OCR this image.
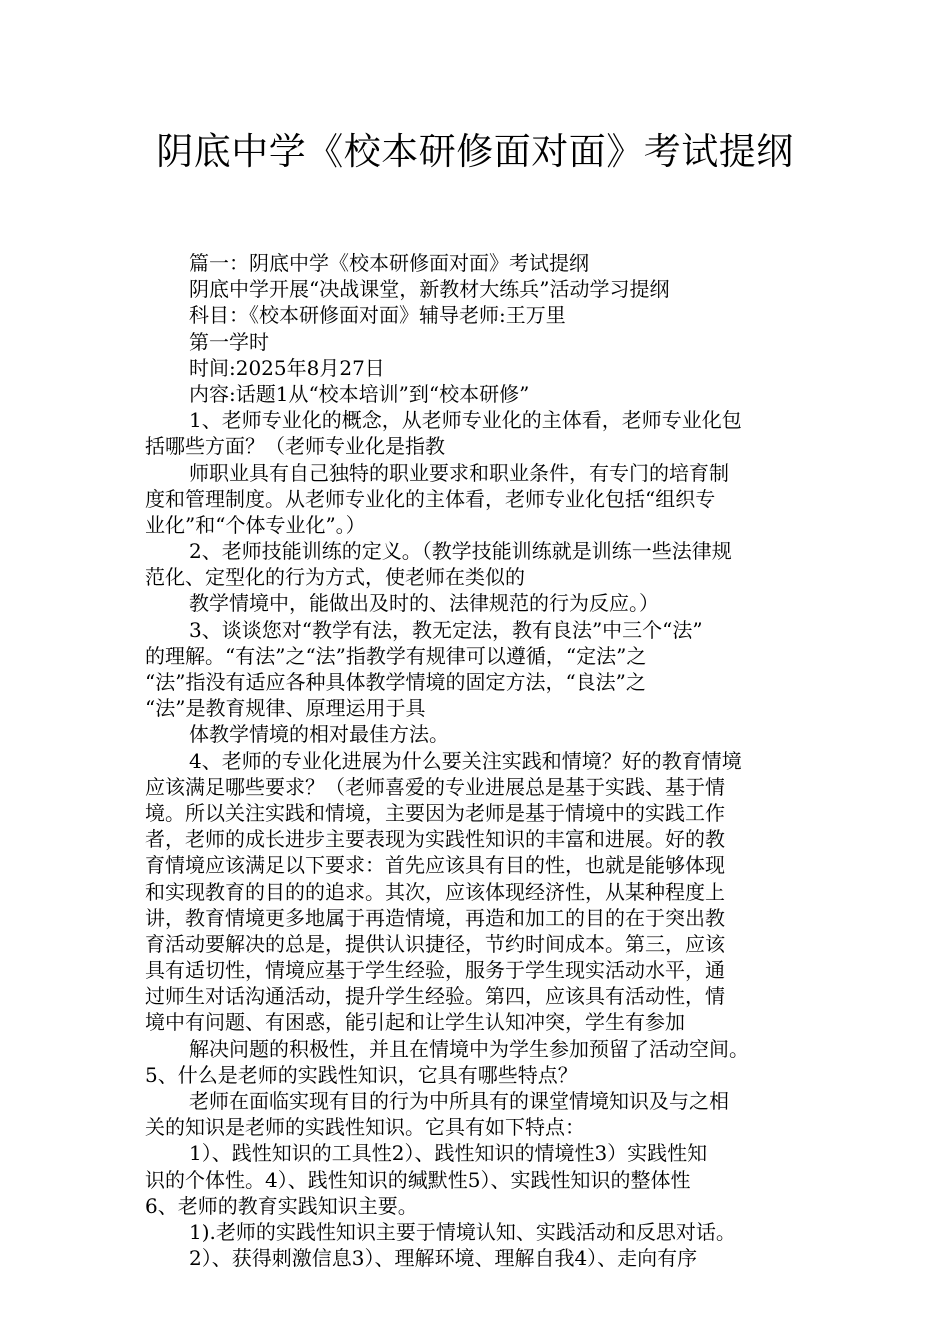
阴底中学《校本研修面对面》考试提纲
篇一：阴底中学《校本研修面对面》考试提纲
阴底中学开展“决战课堂，新教材大练兵”活动学习提纲
科目：《校本研修面对面》辅导老师:王万里
第一学时
时间:2025年8月27日
内容:话题1从“校本培训”到“校本研修”
1、老师专业化的概念，从老师专业化的主体看，老师专业化包
括哪些方面？（老师专业化是指教
师职业具有自己独特的职业要求和职业条件，有专门的培育制
度和管理制度。从老师专业化的主体看，老师专业化包括“组织专
业化”和“个体专业化”。）
2、老师技能训练的定义。（教学技能训练就是训练一些法律规
范化、定型化的行为方式，使老师在类似的
教学情境中，能做出及时的、法律规范的行为反应。）
3、谈谈您对“教学有法，教无定法，教有良法”中三个“法”
的理解。“有法”之“法”指教学有规律可以遵循，“定法”之
“法”指没有适应各种具体教学情境的固定方法，“良法”之
“法”是教育规律、原理运用于具
体教学情境的相对最佳方法。
4、老师的专业化进展为什么要关注实践和情境？好的教育情境
应该满足哪些要求？（老师喜爱的专业进展总是基于实践、基于情
境。所以关注实践和情境，主要因为老师是基于情境中的实践工作
者，老师的成长进步主要表现为实践性知识的丰富和进展。好的教
育情境应该满足以下要求：首先应该具有目的性，也就是能够体现
和实现教育的目的的追求。其次，应该体现经济性，从某种程度上
讲，教育情境更多地属于再造情境，再造和加工的目的在于突出教
育活动要解决的总是，提供认识捷径，节约时间成本。第三，应该
具有适切性，情境应基于学生经验，服务于学生现实活动水平，通
过师生对话沟通活动，提升学生经验。第四，应该具有活动性，情
境中有问题、有困惑，能引起和让学生认知冲突，学生有参加
解决问题的积极性，并且在情境中为学生参加预留了活动空间。
5、什么是老师的实践性知识，它具有哪些特点？
老师在面临实现有目的行为中所具有的课堂情境知识及与之相
关的知识是老师的实践性知识。它具有如下特点：
1）、践性知识的工具性2）、践性知识的情境性3）实践性知
识的个体性。4）、践性知识的缄默性5）、实践性知识的整体性
6、老师的教育实践知识主要。
1).老师的实践性知识主要于情境认知、实践活动和反思对话。
2）、获得刺激信息3）、理解环境、理解自我4）、走向有序
